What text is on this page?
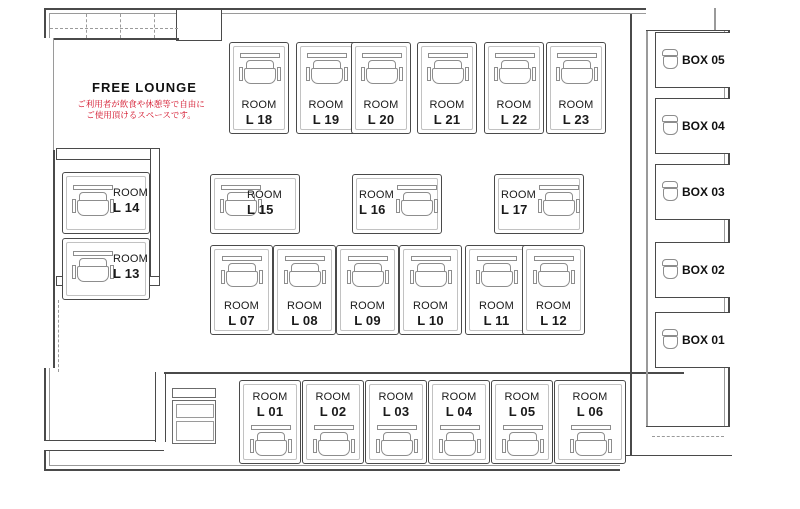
FREE LOUNGE
ご利用者が飲食や休憩等で自由に
ご使用頂けるスペースです。
ROOM
L 18
ROOM
L 19
ROOM
L 20
ROOM
L 21
ROOM
L 22
ROOM
L 23
ROOM
L 15
ROOM
L 16
ROOM
L 17
ROOM
L 07
ROOM
L 08
ROOM
L 09
ROOM
L 10
ROOM
L 11
ROOM
L 12
ROOM
L 01
ROOM
L 02
ROOM
L 03
ROOM
L 04
ROOM
L 05
ROOM
L 06
ROOM
L 14
ROOM
L 13
BOX 05
BOX 04
BOX 03
BOX 02
BOX 01
